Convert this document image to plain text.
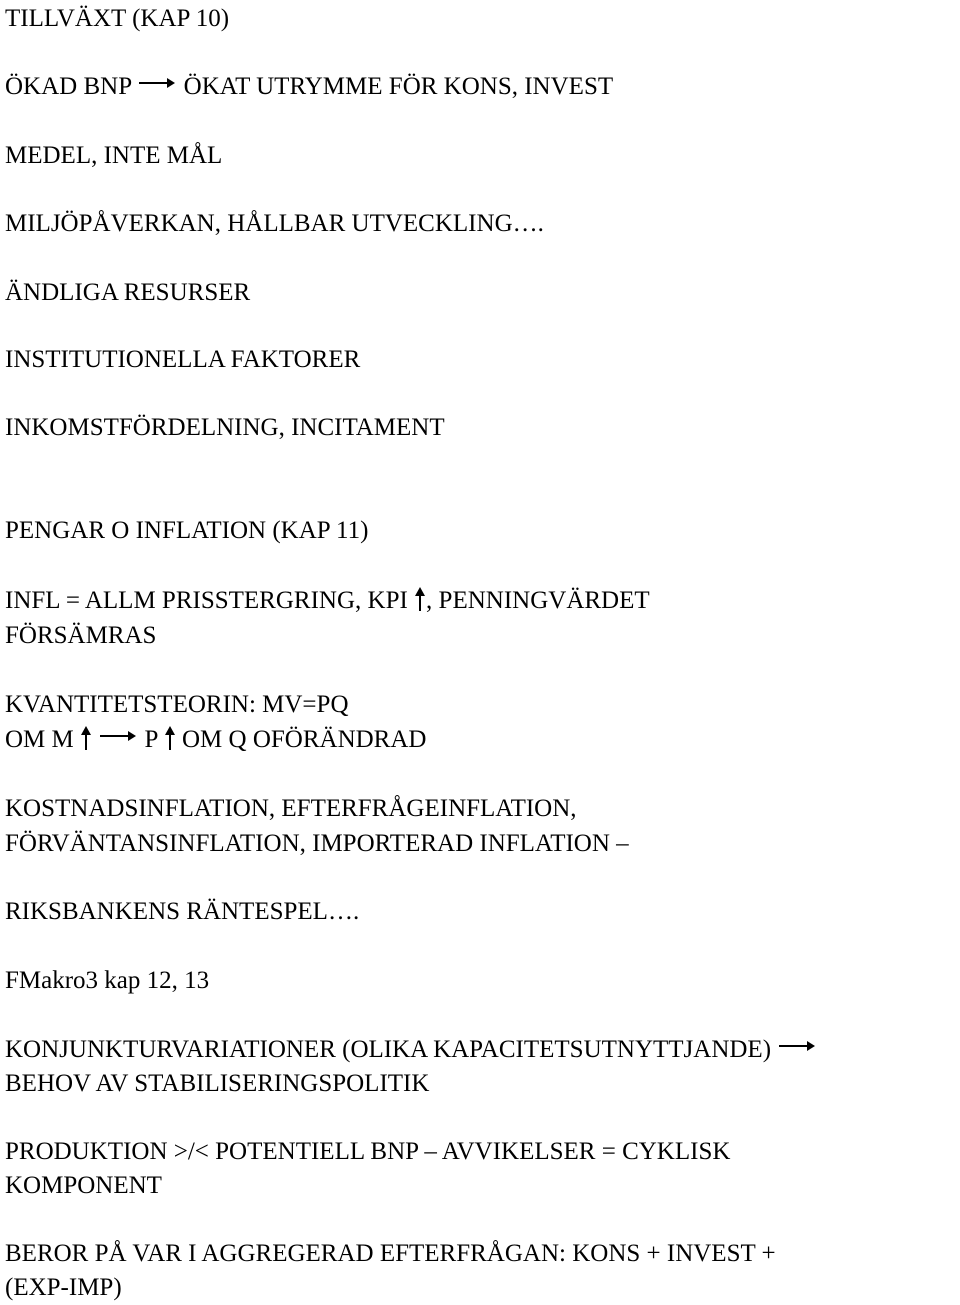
TILLVÄXT (KAP 10)
ÖKAD BNP ÖKAT UTRYMME FÖR KONS, INVEST
MEDEL, INTE MÅL
MILJÖPÅVERKAN, HÅLLBAR UTVECKLING….
ÄNDLIGA RESURSER
INSTITUTIONELLA FAKTORER
INKOMSTFÖRDELNING, INCITAMENT
PENGAR O INFLATION (KAP 11)
INFL = ALLM PRISSTERGRING, KPI , PENNINGVÄRDET
FÖRSÄMRAS
KVANTITETSTEORIN: MV=PQ
OM M
	P OM Q OFÖRÄNDRAD
KOSTNADSINFLATION, EFTERFRÅGEINFLATION,
FÖRVÄNTANSINFLATION, IMPORTERAD INFLATION –
RIKSBANKENS RÄNTESPEL….
FMakro3 kap 12, 13
KONJUNKTURVARIATIONER (OLIKA KAPACITETSUTNYTTJANDE)
BEHOV AV STABILISERINGSPOLITIK
PRODUKTION >/< POTENTIELL BNP – AVVIKELSER = CYKLISK
KOMPONENT
BEROR PÅ VAR I AGGREGERAD EFTERFRÅGAN: KONS + INVEST +
(EXP-IMP)
